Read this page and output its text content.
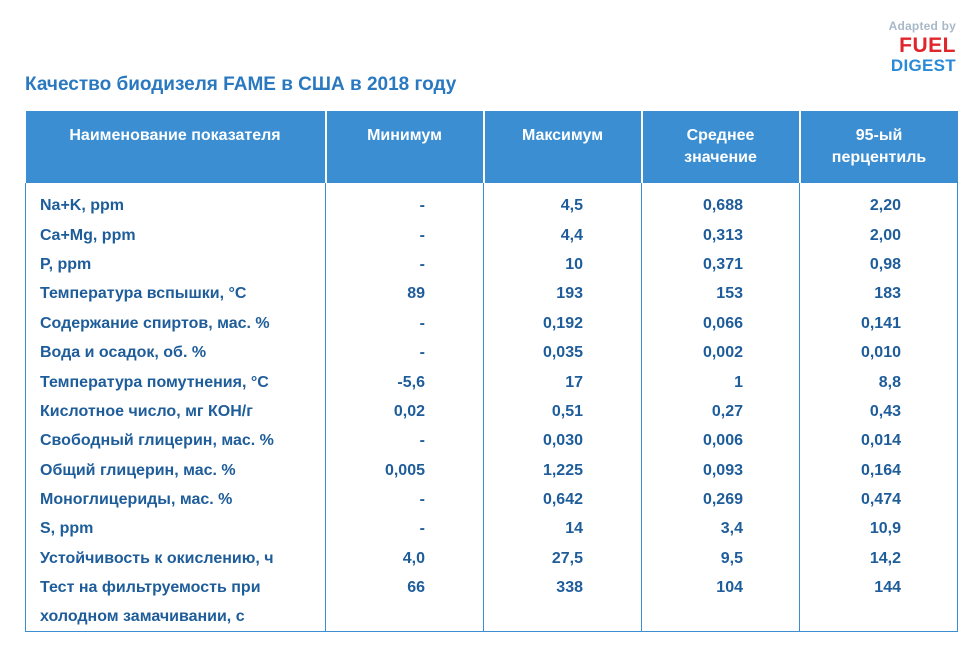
Adapted by
FUEL
DIGEST
Качество биодизеля FAME в США в 2018 году
Наименование показателя	Минимум	Максимум	Среднее значение	95-ый перцентиль
Na+K, ppm	-	4,5	0,688	2,20
Ca+Mg, ppm	-	4,4	0,313	2,00
P, ppm	-	10	0,371	0,98
Температура вспышки, °C	89	193	153	183
Содержание спиртов, мас. %	-	0,192	0,066	0,141
Вода и осадок, об. %	-	0,035	0,002	0,010
Температура помутнения, °C	-5,6	17	1	8,8
Кислотное число, мг КОН/г	0,02	0,51	0,27	0,43
Свободный глицерин, мас. %	-	0,030	0,006	0,014
Общий глицерин, мас. %	0,005	1,225	0,093	0,164
Моноглицериды, мас. %	-	0,642	0,269	0,474
S, ppm	-	14	3,4	10,9
Устойчивость к окислению, ч	4,0	27,5	9,5	14,2
Тест на фильтруемость при холодном замачивании, с	66	338	104	144
